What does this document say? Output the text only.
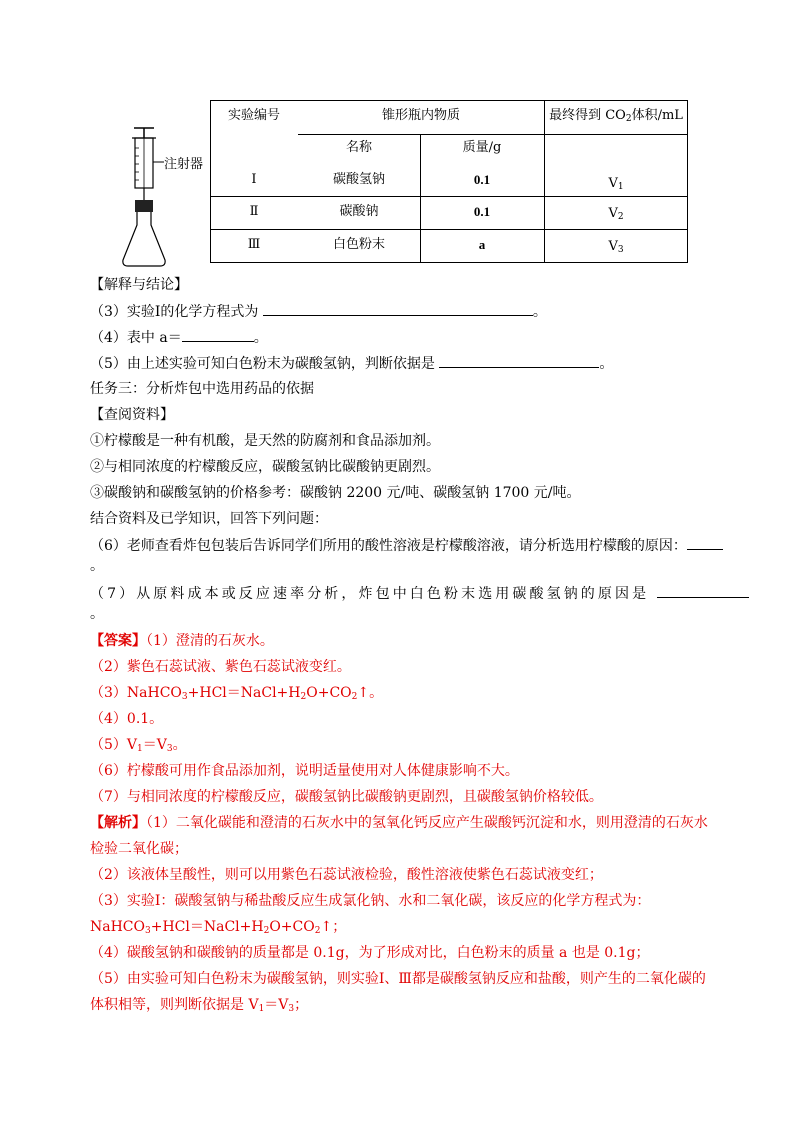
注射器
实验编号	锥形瓶内物质	最终得到 $CO_2$体积/mL
名称	质量/g
Ⅰ	碳酸氢钠	0.1	$V_1$
Ⅱ	碳酸钠	0.1	$V_2$
Ⅲ	白色粉末	a	$V_3$
【解释与结论】
（3）实验Ⅰ的化学方程式为	。
（4）表中 a＝	。
（5）由上述实验可知白色粉末为碳酸氢钠，判断依据是	。
任务三：分析炸包中选用药品的依据
【查阅资料】
①柠檬酸是一种有机酸，是天然的防腐剂和食品添加剂。
②与相同浓度的柠檬酸反应，碳酸氢钠比碳酸钠更剧烈。
③碳酸钠和碳酸氢钠的价格参考：碳酸钠 2200 元/吨、碳酸氢钠 1700 元/吨。
结合资料及已学知识，回答下列问题：
（6）老师查看炸包包装后告诉同学们所用的酸性溶液是柠檬酸溶液，请分析选用柠檬酸的原因：
。
（7）从原料成本或反应速率分析，炸包中白色粉末选用碳酸氢钠的原因是
。
【答案】（1）澄清的石灰水。
（2）紫色石蕊试液、紫色石蕊试液变红。
$(3)NaHCO_3+HCl=NaCl+H_2O+CO_2↑$。
（4）0.1。
$(5)V_1=V_3$。
（6）柠檬酸可用作食品添加剂，说明适量使用对人体健康影响不大。
（7）与相同浓度的柠檬酸反应，碳酸氢钠比碳酸钠更剧烈，且碳酸氢钠价格较低。
【解析】（1）二氧化碳能和澄清的石灰水中的氢氧化钙反应产生碳酸钙沉淀和水，则用澄清的石灰水
检验二氧化碳；
（2）该液体呈酸性，则可以用紫色石蕊试液检验，酸性溶液使紫色石蕊试液变红；
（3）实验Ⅰ：碳酸氢钠与稀盐酸反应生成氯化钠、水和二氧化碳，该反应的化学方程式为：
$NaHCO_3+HCl=NaCl+H_2O+CO_2↑$；
（4）碳酸氢钠和碳酸钠的质量都是 0.1g，为了形成对比，白色粉末的质量 a 也是 0.1g；
（5）由实验可知白色粉末为碳酸氢钠，则实验Ⅰ、Ⅲ都是碳酸氢钠反应和盐酸，则产生的二氧化碳的
体积相等，则判断依据是 $V_1=V_3$；
